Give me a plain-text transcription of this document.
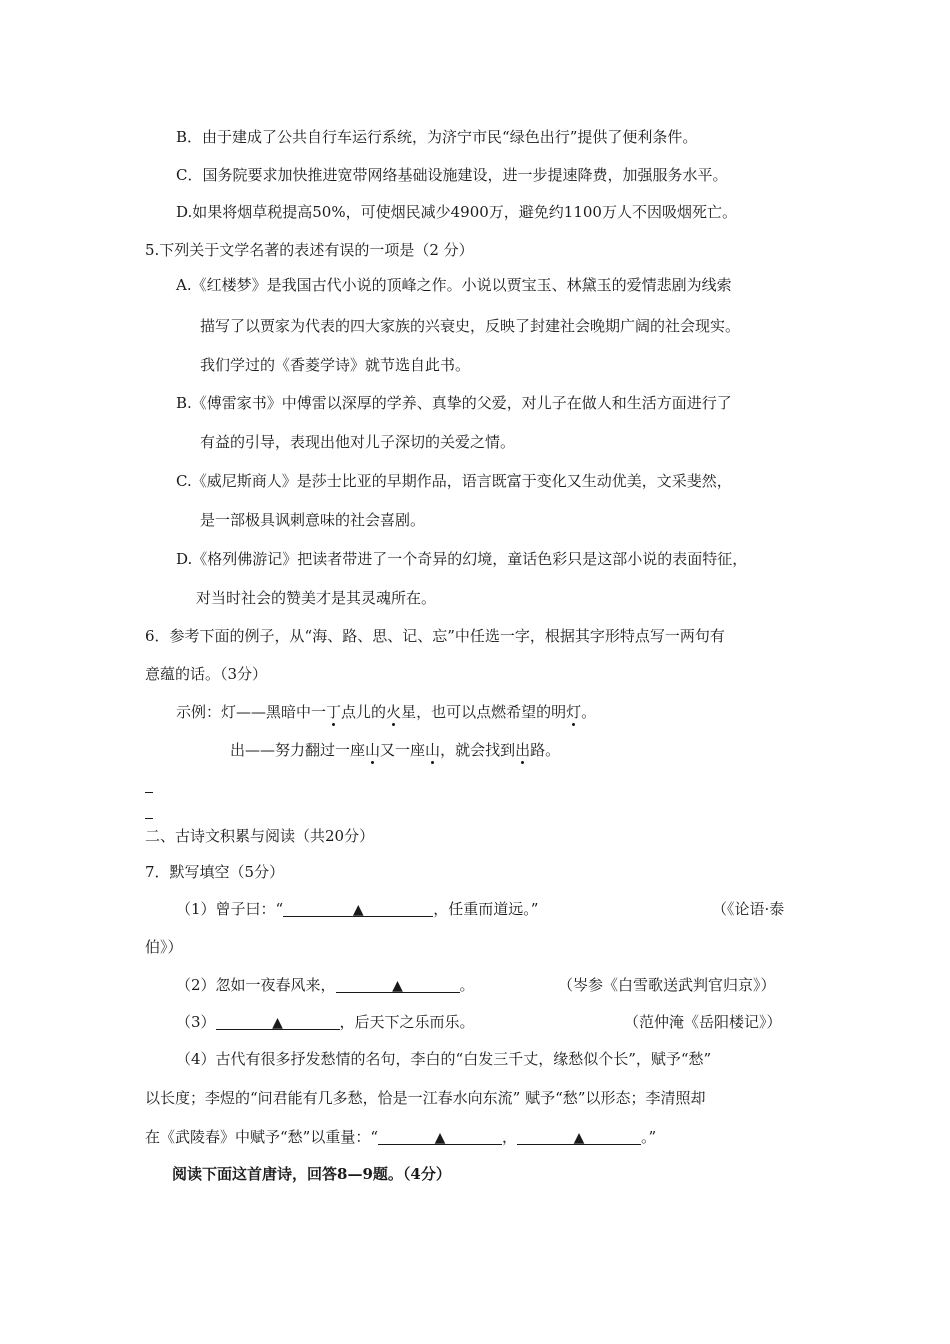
B．由于建成了公共自行车运行系统，为济宁市民“绿色出行”提供了便利条件。
C．国务院要求加快推进宽带网络基础设施建设，进一步提速降费，加强服务水平。
D.如果将烟草税提高50%，可使烟民减少4900万，避免约1100万人不因吸烟死亡。
5.下列关于文学名著的表述有误的一项是（2 分）
A.《红楼梦》是我国古代小说的顶峰之作。小说以贾宝玉、林黛玉的爱情悲剧为线索
描写了以贾家为代表的四大家族的兴衰史，反映了封建社会晚期广阔的社会现实。
我们学过的《香菱学诗》就节选自此书。
B.《傅雷家书》中傅雷以深厚的学养、真挚的父爱，对儿子在做人和生活方面进行了
有益的引导，表现出他对儿子深切的关爱之情。
C.《威尼斯商人》是莎士比亚的早期作品，语言既富于变化又生动优美，文采斐然，
是一部极具讽刺意味的社会喜剧。
D.《格列佛游记》把读者带进了一个奇异的幻境，童话色彩只是这部小说的表面特征，
对当时社会的赞美才是其灵魂所在。
6．参考下面的例子，从“海、路、思、记、忘”中任选一字，根据其字形特点写一两句有
意蕴的话。（3分）
示例：灯——黑暗中一丁点儿的火星，也可以点燃希望的明灯。
出——努力翻过一座山又一座山，就会找到出路。
二、古诗文积累与阅读（共20分）
7．默写填空（5分）
（1）曾子曰：“	▲	，任重而道远。”	（《论语·泰
伯》）
（2）忽如一夜春风来，	▲	。	（岑参《白雪歌送武判官归京》）
（3）	▲	，后天下之乐而乐。	（范仲淹《岳阳楼记》）
（4）古代有很多抒发愁情的名句，李白的“白发三千丈，缘愁似个长”，赋予“愁”
以长度；李煜的“问君能有几多愁，恰是一江春水向东流” 赋予“愁”以形态；李清照却
在《武陵春》中赋予“愁”以重量：“	▲	，	▲	。”
阅读下面这首唐诗，回答8—9题。（4分）
